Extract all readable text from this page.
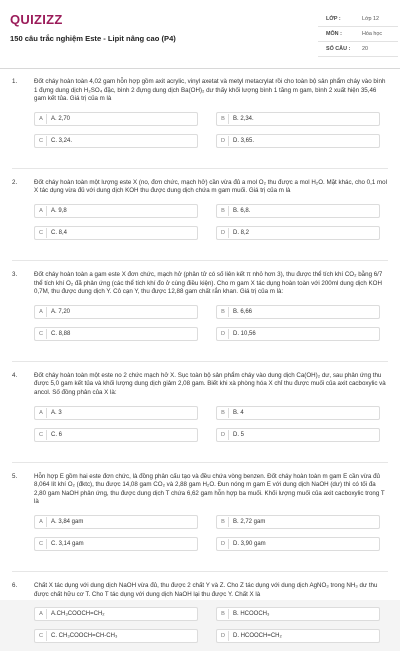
QUIZIZZ
150 câu trắc nghiệm Este - Lipit nâng cao (P4)
LỚP :	Lớp 12
MÔN :	Hóa học
SỐ CÂU : 20
1.	Đốt cháy hoàn toàn 4,02 gam hỗn hợp gồm axit acrylic, vinyl axetat và metyl metacrylat rồi cho toàn bộ sản phẩm cháy vào bình 1 đựng dung dịch H₂SO₄ đặc, bình 2 đựng dung dịch Ba(OH)₂ dư thấy khối lượng bình 1 tăng m gam, bình 2 xuất hiện 35,46 gam kết tủa. Giá trị của m là
A	A. 2,70	B	B. 2,34.
C	C. 3,24.	D	D. 3,65.
2.	Đốt cháy hoàn toàn một lượng este X (no, đơn chức, mạch hở) cần vừa đủ a mol O₂ thu được a mol H₂O. Mặt khác, cho 0,1 mol X tác dụng vừa đủ với dung dịch KOH thu được dung dịch chứa m gam muối. Giá trị của m là
A	A. 9,8	B	B. 6,8.
C	C. 8,4	D	D. 8,2
3.	Đốt cháy hoàn toàn a gam este X đơn chức, mạch hở (phân tử có số liên kết π nhỏ hơn 3), thu được thể tích khí CO₂ bằng 6/7 thể tích khí O₂ đã phản ứng (các thể tích khí đo ở cùng điều kiện). Cho m gam X tác dụng hoàn toàn với 200ml dung dịch KOH 0,7M, thu được dung dịch Y. Cô cạn Y, thu được 12,88 gam chất rắn khan. Giá trị của m là:
A	A. 7,20	B	B. 6,66
C	C. 8,88	D	D. 10,56
4.	Đốt cháy hoàn toàn một este no 2 chức mạch hở X. Sục toàn bộ sản phẩm cháy vào dung dịch Ca(OH)₂ dư, sau phản ứng thu được 5,0 gam kết tủa và khối lượng dung dịch giảm 2,08 gam. Biết khi xà phòng hóa X chỉ thu được muối của axit cacboxylic và ancol. Số đồng phân của X là:
A	A. 3	B	B. 4
C	C. 6	D	D. 5
5.	Hỗn hợp E gồm hai este đơn chức, là đồng phân cấu tạo và đều chứa vòng benzen. Đốt cháy hoàn toàn m gam E cần vừa đủ 8,064 lít khí O₂ (đktc), thu được 14,08 gam CO₂ và 2,88 gam H₂O. Đun nóng m gam E với dung dịch NaOH (dư) thì có tối đa 2,80 gam NaOH phản ứng, thu được dung dịch T chứa 6,62 gam hỗn hợp ba muối. Khối lượng muối của axit cacboxylic trong T là
A	A. 3,84 gam	B	B. 2,72 gam
C	C. 3,14 gam	D	D. 3,90 gam
6.	Chất X tác dụng với dung dịch NaOH vừa đủ, thu được 2 chất Y và Z. Cho Z tác dụng với dung dịch AgNO₃ trong NH₃ dư thu được chất hữu cơ T. Cho T tác dụng với dung dịch NaOH lại thu được Y. Chất X là
A	A.CH₃COOCH=CH₂	B	B. HCOOCH₃
C	C. CH₃COOCH=CH-CH₃	D	D. HCOOCH=CH₂
